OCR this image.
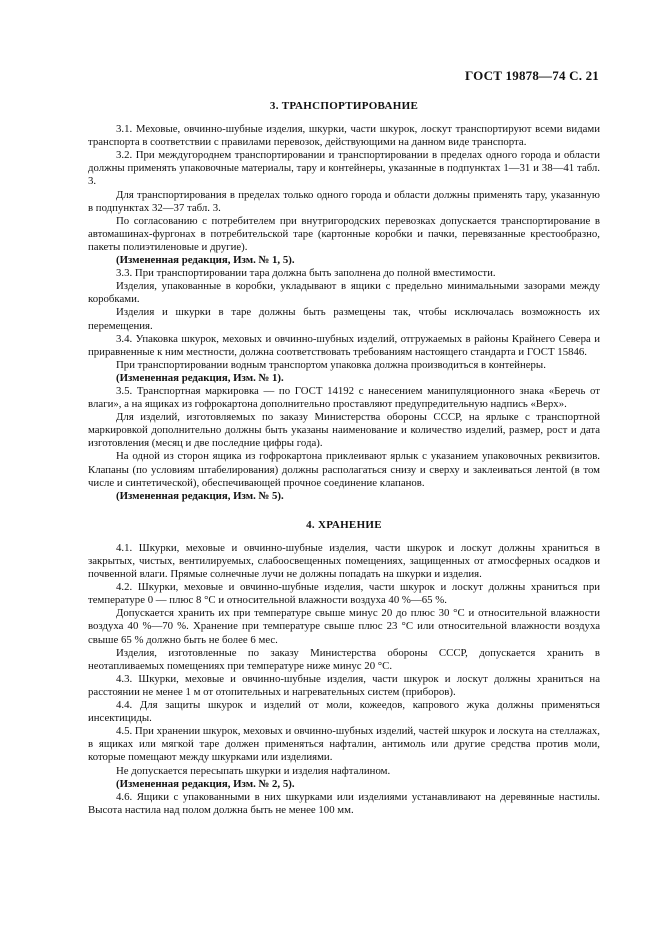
ГОСТ 19878—74 С. 21
3. ТРАНСПОРТИРОВАНИЕ

3.1. Меховые, овчинно-шубные изделия, шкурки, части шкурок, лоскут транспортируют всеми видами транспорта в соответствии с правилами перевозок, действующими на данном виде транспорта.

3.2. При междугороднем транспортировании и транспортировании в пределах одного города и области должны применять упаковочные материалы, тару и контейнеры, указанные в подпунктах 1—31 и 38—41 табл. 3.

Для транспортирования в пределах только одного города и области должны применять тару, указанную в подпунктах 32—37 табл. 3.

По согласованию с потребителем при внутригородских перевозках допускается транспортирование в автомашинах-фургонах в потребительской таре (картонные коробки и пачки, перевязанные крестообразно, пакеты полиэтиленовые и другие).

(Измененная редакция, Изм. № 1, 5).

3.3. При транспортировании тара должна быть заполнена до полной вместимости.

Изделия, упакованные в коробки, укладывают в ящики с предельно минимальными зазорами между коробками.

Изделия и шкурки в таре должны быть размещены так, чтобы исключалась возможность их перемещения.

3.4. Упаковка шкурок, меховых и овчинно-шубных изделий, отгружаемых в районы Крайнего Севера и приравненные к ним местности, должна соответствовать требованиям настоящего стандарта и ГОСТ 15846.

При транспортировании водным транспортом упаковка должна производиться в контейнеры.

(Измененная редакция, Изм. № 1).

3.5. Транспортная маркировка — по ГОСТ 14192 с нанесением манипуляционного знака «Беречь от влаги», а на ящиках из гофрокартона дополнительно проставляют предупредительную надпись «Верх».

Для изделий, изготовляемых по заказу Министерства обороны СССР, на ярлыке с транспортной маркировкой дополнительно должны быть указаны наименование и количество изделий, размер, рост и дата изготовления (месяц и две последние цифры года).

На одной из сторон ящика из гофрокартона приклеивают ярлык с указанием упаковочных реквизитов. Клапаны (по условиям штабелирования) должны располагаться снизу и сверху и заклеиваться лентой (в том числе и синтетической), обеспечивающей прочное соединение клапанов.

(Измененная редакция, Изм. № 5).

4. ХРАНЕНИЕ

4.1. Шкурки, меховые и овчинно-шубные изделия, части шкурок и лоскут должны храниться в закрытых, чистых, вентилируемых, слабоосвещенных помещениях, защищенных от атмосферных осадков и почвенной влаги. Прямые солнечные лучи не должны попадать на шкурки и изделия.

4.2. Шкурки, меховые и овчинно-шубные изделия, части шкурок и лоскут должны храниться при температуре 0 — плюс 8 °С и относительной влажности воздуха 40 %—65 %.

Допускается хранить их при температуре свыше минус 20 до плюс 30 °С и относительной влажности воздуха 40 %—70 %. Хранение при температуре свыше плюс 23 °С или относительной влажности воздуха свыше 65 % должно быть не более 6 мес.

Изделия, изготовленные по заказу Министерства обороны СССР, допускается хранить в неотапливаемых помещениях при температуре ниже минус 20 °С.

4.3. Шкурки, меховые и овчинно-шубные изделия, части шкурок и лоскут должны храниться на расстоянии не менее 1 м от отопительных и нагревательных систем (приборов).

4.4. Для защиты шкурок и изделий от моли, кожеедов, капрового жука должны применяться инсектициды.

4.5. При хранении шкурок, меховых и овчинно-шубных изделий, частей шкурок и лоскута на стеллажах, в ящиках или мягкой таре должен применяться нафталин, антимоль или другие средства против моли, которые помещают между шкурками или изделиями.

Не допускается пересыпать шкурки и изделия нафталином.

(Измененная редакция, Изм. № 2, 5).

4.6. Ящики с упакованными в них шкурками или изделиями устанавливают на деревянные настилы. Высота настила над полом должна быть не менее 100 мм.
